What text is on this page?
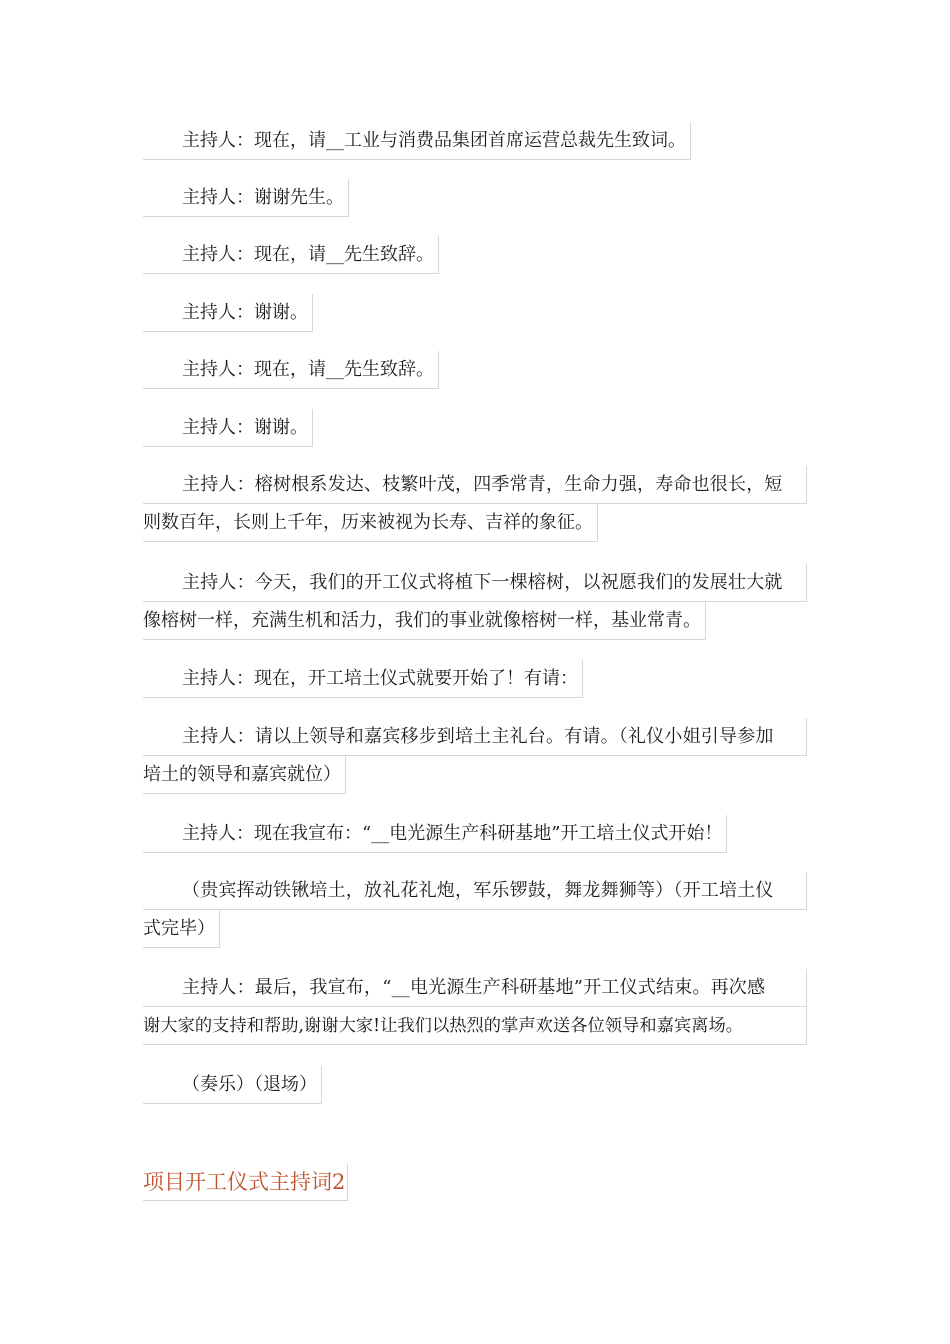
主持人：现在，请__工业与消费品集团首席运营总裁先生致词。
主持人：谢谢先生。
主持人：现在，请__先生致辞。
主持人：谢谢。
主持人：现在，请__先生致辞。
主持人：谢谢。
主持人：榕树根系发达、枝繁叶茂，四季常青，生命力强，寿命也很长，短
则数百年，长则上千年，历来被视为长寿、吉祥的象征。
主持人：今天，我们的开工仪式将植下一棵榕树，以祝愿我们的发展壮大就
像榕树一样，充满生机和活力，我们的事业就像榕树一样，基业常青。
主持人：现在，开工培土仪式就要开始了！有请：
主持人：请以上领导和嘉宾移步到培土主礼台。有请。（礼仪小姐引导参加
培土的领导和嘉宾就位）
主持人：现在我宣布：“__电光源生产科研基地”开工培土仪式开始！
（贵宾挥动铁锹培土，放礼花礼炮，军乐锣鼓，舞龙舞狮等）（开工培土仪
式完毕）
主持人：最后，我宣布，“__电光源生产科研基地”开工仪式结束。再次感
谢大家的支持和帮助,谢谢大家!让我们以热烈的掌声欢送各位领导和嘉宾离场。
（奏乐）（退场）
项目开工仪式主持词2
